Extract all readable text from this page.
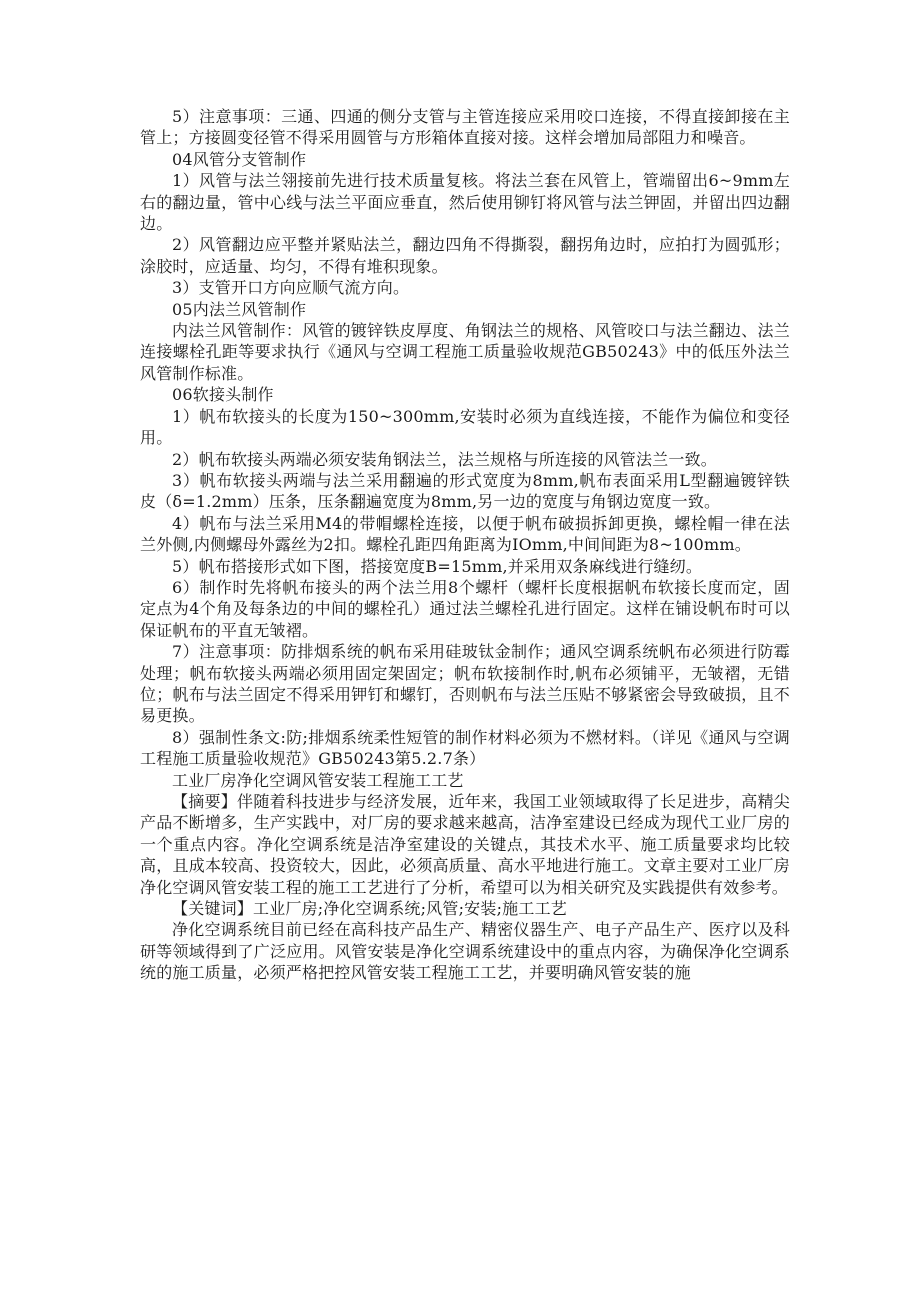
5）注意事项：三通、四通的侧分支管与主管连接应采用咬口连接，不得直接卸接在主管上；方接圆变径管不得采用圆管与方形箱体直接对接。这样会增加局部阻力和噪音。

04风管分支管制作

1）风管与法兰翎接前先进行技术质量复核。将法兰套在风管上，管端留出6~9mm左右的翻边量，管中心线与法兰平面应垂直，然后使用铆钉将风管与法兰钾固，并留出四边翻边。

2）风管翻边应平整并紧贴法兰，翻边四角不得撕裂，翻拐角边时，应拍打为圆弧形；涂胶时，应适量、均匀，不得有堆积现象。

3）支管开口方向应顺气流方向。

05内法兰风管制作

内法兰风管制作：风管的镀锌铁皮厚度、角钢法兰的规格、风管咬口与法兰翻边、法兰连接螺栓孔距等要求执行《通风与空调工程施工质量验收规范GB50243》中的低压外法兰风管制作标准。

06软接头制作

1）帆布软接头的长度为150~300mm,安装时必须为直线连接，不能作为偏位和变径用。

2）帆布软接头两端必须安装角钢法兰，法兰规格与所连接的风管法兰一致。

3）帆布软接头两端与法兰采用翻遍的形式宽度为8mm,帆布表面采用L型翻遍镀锌铁皮（δ=1.2mm）压条，压条翻遍宽度为8mm,另一边的宽度与角钢边宽度一致。

4）帆布与法兰采用M4的带帽螺栓连接，以便于帆布破损拆卸更换，螺栓帽一律在法兰外侧,内侧螺母外露丝为2扣。螺栓孔距四角距离为IOmm,中间间距为8~100mm。

5）帆布搭接形式如下图，搭接宽度B=15mm,并采用双条麻线进行缝纫。

6）制作时先将帆布接头的两个法兰用8个螺杆（螺杆长度根据帆布软接长度而定，固定点为4个角及每条边的中间的螺栓孔）通过法兰螺栓孔进行固定。这样在铺设帆布时可以保证帆布的平直无皱褶。

7）注意事项：防排烟系统的帆布采用硅玻钛金制作；通风空调系统帆布必须进行防霉处理；帆布软接头两端必须用固定架固定；帆布软接制作时,帆布必须铺平，无皱褶，无错位；帆布与法兰固定不得采用钾钉和螺钉，否则帆布与法兰压贴不够紧密会导致破损，且不易更换。

8）强制性条文:防;排烟系统柔性短管的制作材料必须为不燃材料。（详见《通风与空调工程施工质量验收规范》GB50243第5.2.7条）

工业厂房净化空调风管安装工程施工工艺

【摘要】伴随着科技进步与经济发展，近年来，我国工业领域取得了长足进步，高精尖产品不断增多，生产实践中，对厂房的要求越来越高，洁净室建设已经成为现代工业厂房的一个重点内容。净化空调系统是洁净室建设的关键点，其技术水平、施工质量要求均比较高，且成本较高、投资较大，因此，必须高质量、高水平地进行施工。文章主要对工业厂房净化空调风管安装工程的施工工艺进行了分析，希望可以为相关研究及实践提供有效参考。

【关键词】工业厂房;净化空调系统;风管;安装;施工工艺

净化空调系统目前已经在高科技产品生产、精密仪器生产、电子产品生产、医疗以及科研等领域得到了广泛应用。风管安装是净化空调系统建设中的重点内容，为确保净化空调系统的施工质量，必须严格把控风管安装工程施工工艺，并要明确风管安装的施
